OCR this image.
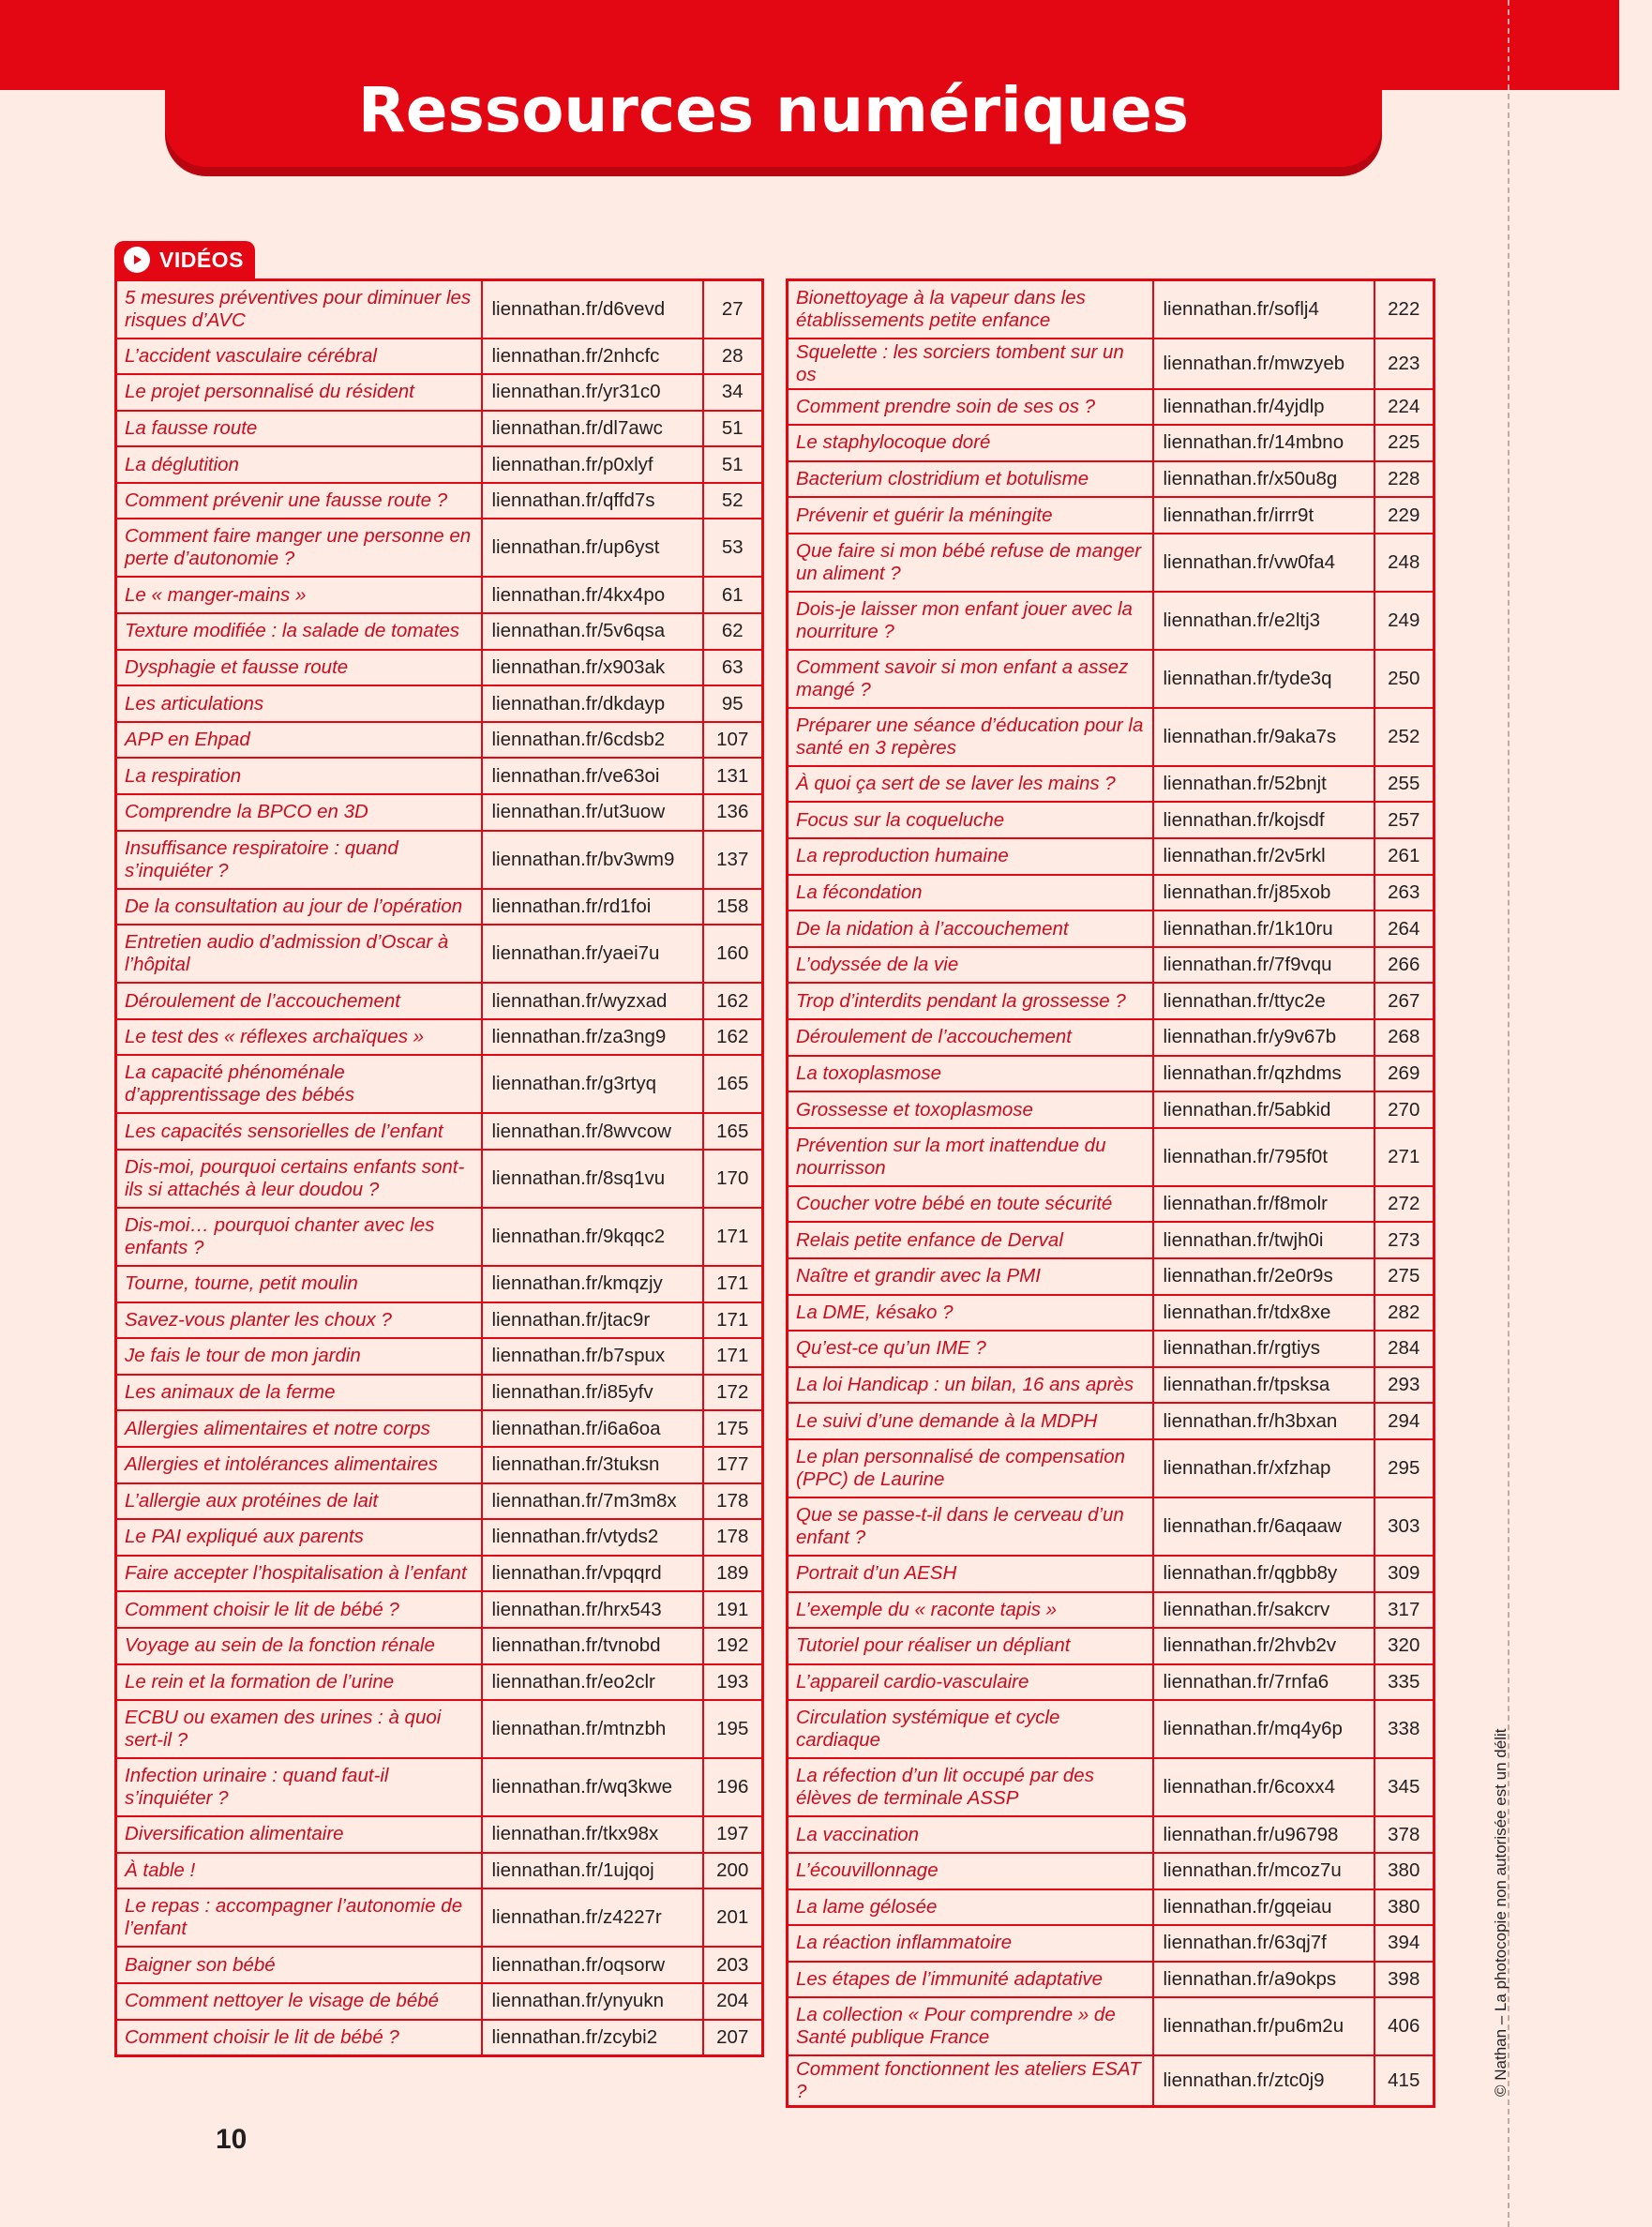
Ressources numériques
© Nathan – La photocopie non autorisée est un délit
VIDÉOS
5 mesures préventives pour diminuer les risques d’AVC	liennathan.fr/d6vevd	27
L’accident vasculaire cérébral	liennathan.fr/2nhcfc	28
Le projet personnalisé du résident	liennathan.fr/yr31c0	34
La fausse route	liennathan.fr/dl7awc	51
La déglutition	liennathan.fr/p0xlyf	51
Comment prévenir une fausse route ?	liennathan.fr/qffd7s	52
Comment faire manger une personne en perte d’autonomie ?	liennathan.fr/up6yst	53
Le « manger-mains »	liennathan.fr/4kx4po	61
Texture modifiée : la salade de tomates	liennathan.fr/5v6qsa	62
Dysphagie et fausse route	liennathan.fr/x903ak	63
Les articulations	liennathan.fr/dkdayp	95
APP en Ehpad	liennathan.fr/6cdsb2	107
La respiration	liennathan.fr/ve63oi	131
Comprendre la BPCO en 3D	liennathan.fr/ut3uow	136
Insuffisance respiratoire : quand s’inquiéter ?	liennathan.fr/bv3wm9	137
De la consultation au jour de l’opération	liennathan.fr/rd1foi	158
Entretien audio d’admission d’Oscar à l’hôpital	liennathan.fr/yaei7u	160
Déroulement de l’accouchement	liennathan.fr/wyzxad	162
Le test des « réflexes archaïques »	liennathan.fr/za3ng9	162
La capacité phénoménale d’apprentissage des bébés	liennathan.fr/g3rtyq	165
Les capacités sensorielles de l’enfant	liennathan.fr/8wvcow	165
Dis-moi, pourquoi certains enfants sont-ils si attachés à leur doudou ?	liennathan.fr/8sq1vu	170
Dis-moi… pourquoi chanter avec les enfants ?	liennathan.fr/9kqqc2	171
Tourne, tourne, petit moulin	liennathan.fr/kmqzjy	171
Savez-vous planter les choux ?	liennathan.fr/jtac9r	171
Je fais le tour de mon jardin	liennathan.fr/b7spux	171
Les animaux de la ferme	liennathan.fr/i85yfv	172
Allergies alimentaires et notre corps	liennathan.fr/i6a6oa	175
Allergies et intolérances alimentaires	liennathan.fr/3tuksn	177
L’allergie aux protéines de lait	liennathan.fr/7m3m8x	178
Le PAI expliqué aux parents	liennathan.fr/vtyds2	178
Faire accepter l’hospitalisation à l’enfant	liennathan.fr/vpqqrd	189
Comment choisir le lit de bébé ?	liennathan.fr/hrx543	191
Voyage au sein de la fonction rénale	liennathan.fr/tvnobd	192
Le rein et la formation de l’urine	liennathan.fr/eo2clr	193
ECBU ou examen des urines : à quoi sert-il ?	liennathan.fr/mtnzbh	195
Infection urinaire : quand faut-il s’inquiéter ?	liennathan.fr/wq3kwe	196
Diversification alimentaire	liennathan.fr/tkx98x	197
À table !	liennathan.fr/1ujqoj	200
Le repas : accompagner l’autonomie de l’enfant	liennathan.fr/z4227r	201
Baigner son bébé	liennathan.fr/oqsorw	203
Comment nettoyer le visage de bébé	liennathan.fr/ynyukn	204
Comment choisir le lit de bébé ?	liennathan.fr/zcybi2	207
Bionettoyage à la vapeur dans les établissements petite enfance	liennathan.fr/soflj4	222
Squelette : les sorciers tombent sur un os	liennathan.fr/mwzyeb	223
Comment prendre soin de ses os ?	liennathan.fr/4yjdlp	224
Le staphylocoque doré	liennathan.fr/14mbno	225
Bacterium clostridium et botulisme	liennathan.fr/x50u8g	228
Prévenir et guérir la méningite	liennathan.fr/irrr9t	229
Que faire si mon bébé refuse de manger un aliment ?	liennathan.fr/vw0fa4	248
Dois-je laisser mon enfant jouer avec la nourriture ?	liennathan.fr/e2ltj3	249
Comment savoir si mon enfant a assez mangé ?	liennathan.fr/tyde3q	250
Préparer une séance d’éducation pour la santé en 3 repères	liennathan.fr/9aka7s	252
À quoi ça sert de se laver les mains ?	liennathan.fr/52bnjt	255
Focus sur la coqueluche	liennathan.fr/kojsdf	257
La reproduction humaine	liennathan.fr/2v5rkl	261
La fécondation	liennathan.fr/j85xob	263
De la nidation à l’accouchement	liennathan.fr/1k10ru	264
L’odyssée de la vie	liennathan.fr/7f9vqu	266
Trop d’interdits pendant la grossesse ?	liennathan.fr/ttyc2e	267
Déroulement de l’accouchement	liennathan.fr/y9v67b	268
La toxoplasmose	liennathan.fr/qzhdms	269
Grossesse et toxoplasmose	liennathan.fr/5abkid	270
Prévention sur la mort inattendue du nourrisson	liennathan.fr/795f0t	271
Coucher votre bébé en toute sécurité	liennathan.fr/f8molr	272
Relais petite enfance de Derval	liennathan.fr/twjh0i	273
Naître et grandir avec la PMI	liennathan.fr/2e0r9s	275
La DME, késako ?	liennathan.fr/tdx8xe	282
Qu’est-ce qu’un IME ?	liennathan.fr/rgtiys	284
La loi Handicap : un bilan, 16 ans après	liennathan.fr/tpsksa	293
Le suivi d’une demande à la MDPH	liennathan.fr/h3bxan	294
Le plan personnalisé de compensation (PPC) de Laurine	liennathan.fr/xfzhap	295
Que se passe-t-il dans le cerveau d’un enfant ?	liennathan.fr/6aqaaw	303
Portrait d’un AESH	liennathan.fr/qgbb8y	309
L’exemple du « raconte tapis »	liennathan.fr/sakcrv	317
Tutoriel pour réaliser un dépliant	liennathan.fr/2hvb2v	320
L’appareil cardio-vasculaire	liennathan.fr/7rnfa6	335
Circulation systémique et cycle cardiaque	liennathan.fr/mq4y6p	338
La réfection d’un lit occupé par des élèves de terminale ASSP	liennathan.fr/6coxx4	345
La vaccination	liennathan.fr/u96798	378
L’écouvillonnage	liennathan.fr/mcoz7u	380
La lame gélosée	liennathan.fr/gqeiau	380
La réaction inflammatoire	liennathan.fr/63qj7f	394
Les étapes de l’immunité adaptative	liennathan.fr/a9okps	398
La collection « Pour comprendre » de Santé publique France	liennathan.fr/pu6m2u	406
Comment fonctionnent les ateliers ESAT ?	liennathan.fr/ztc0j9	415
10
